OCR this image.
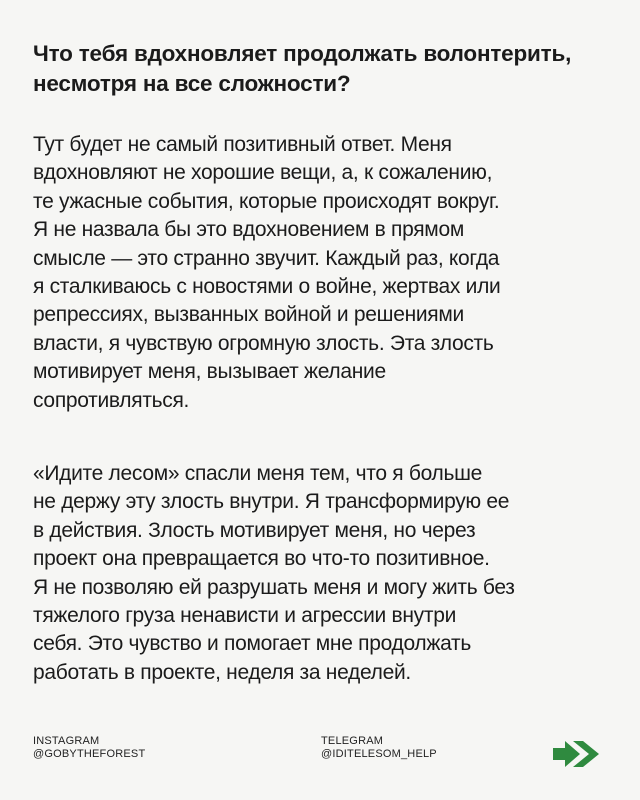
Что тебя вдохновляет продолжать волонтерить, несмотря на все сложности?

Тут будет не самый позитивный ответ. Меня
вдохновляют не хорошие вещи, а, к сожалению,
те ужасные события, которые происходят вокруг.
Я не назвала бы это вдохновением в прямом
смысле — это странно звучит. Каждый раз, когда
я сталкиваюсь с новостями о войне, жертвах или
репрессиях, вызванных войной и решениями
власти, я чувствую огромную злость. Эта злость
мотивирует меня, вызывает желание
сопротивляться.

«Идите лесом» спасли меня тем, что я больше
не держу эту злость внутри. Я трансформирую ее
в действия. Злость мотивирует меня, но через
проект она превращается во что-то позитивное.
Я не позволяю ей разрушать меня и могу жить без
тяжелого груза ненависти и агрессии внутри
себя. Это чувство и помогает мне продолжать
работать в проекте, неделя за неделей.

INSTAGRAM
@GOBYTHEFOREST
TELEGRAM
@IDITELESOM_HELP
